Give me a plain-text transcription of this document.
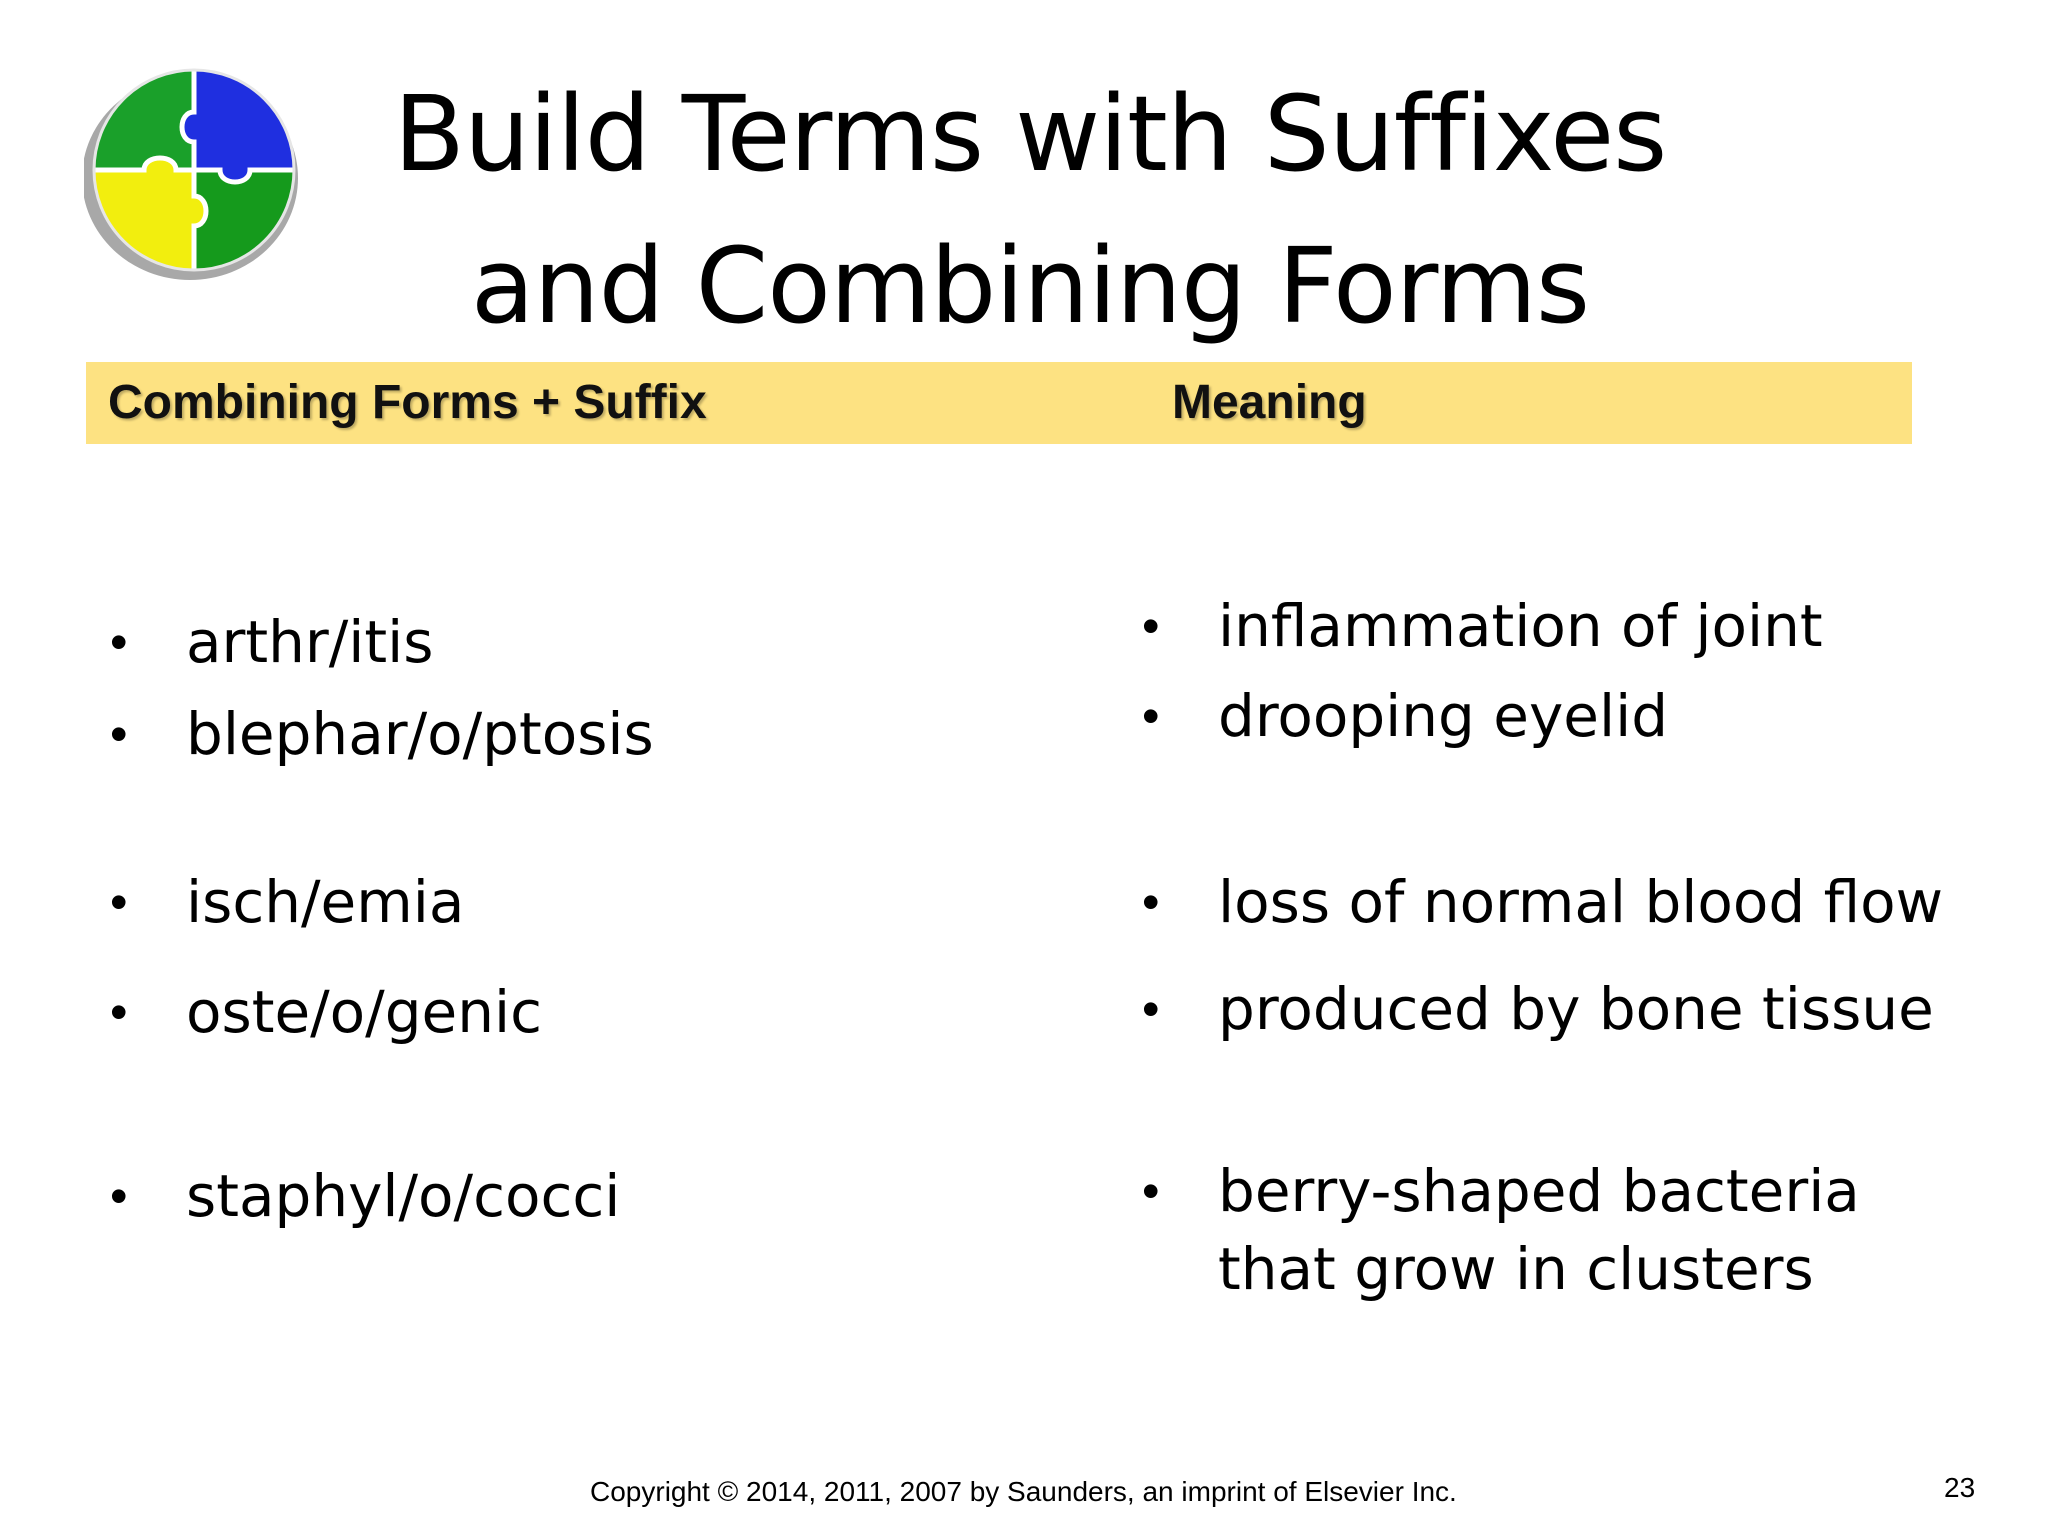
Build Terms with Suffixes
and Combining Forms
Combining Forms + Suffix	Meaning
• arthr/itis
• blephar/o/ptosis
• isch/emia
• oste/o/genic
• staphyl/o/cocci
• inflammation of joint
• drooping eyelid
• loss of normal blood flow
• produced by bone tissue
• berry-shaped bacteria that grow in clusters
Copyright © 2014, 2011, 2007 by Saunders, an imprint of Elsevier Inc.	23
